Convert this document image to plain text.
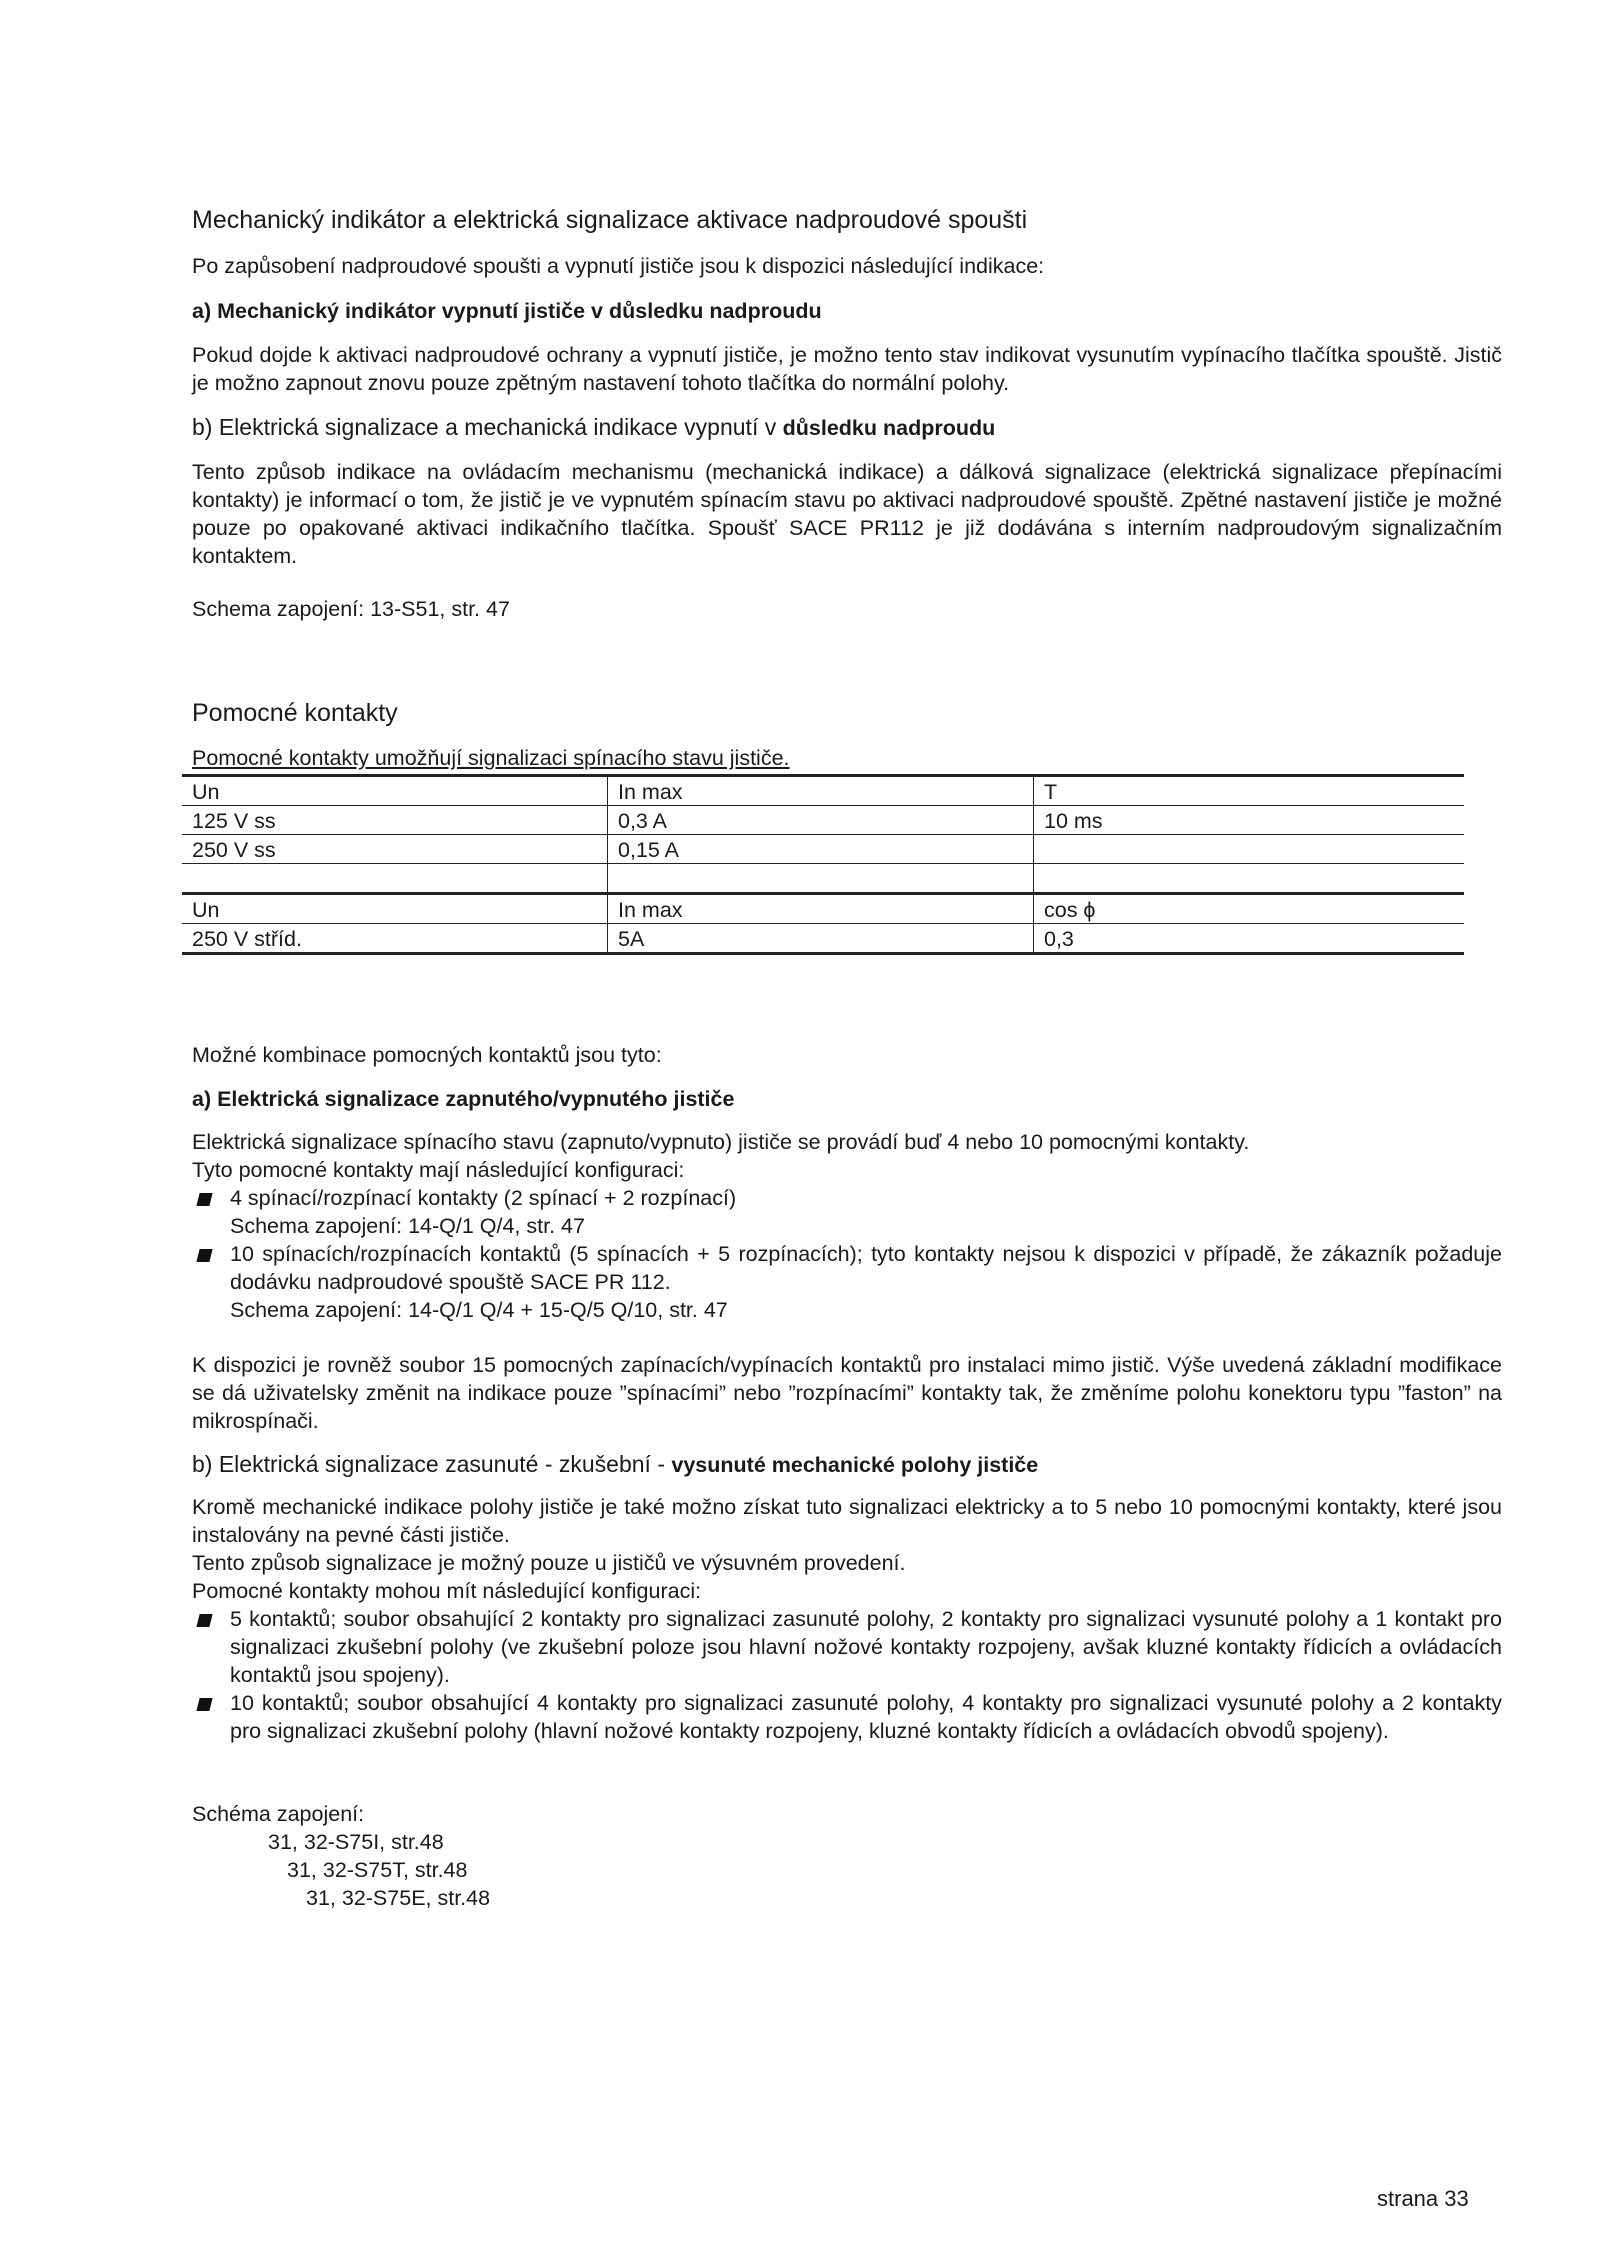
Mechanický indikátor a elektrická signalizace aktivace nadproudové spoušti

Po zapůsobení nadproudové spoušti a vypnutí jističe jsou k dispozici následující indikace:

a) Mechanický indikátor vypnutí jističe v důsledku nadproudu

Pokud dojde k aktivaci nadproudové ochrany a vypnutí jističe, je možno tento stav indikovat vysunutím vypínacího tlačítka spouště. Jistič je možno zapnout znovu pouze zpětným nastavení tohoto tlačítka do normální polohy.

b) Elektrická signalizace a mechanická indikace vypnutí v důsledku nadproudu

Tento způsob indikace na ovládacím mechanismu (mechanická indikace) a dálková signalizace (elektrická signalizace přepínacími kontakty) je informací o tom, že jistič je ve vypnutém spínacím stavu po aktivaci nadproudové spouště. Zpětné nastavení jističe je možné pouze po opakované aktivaci indikačního tlačítka. Spoušť SACE PR112 je již dodávána s interním nadproudovým signalizačním kontaktem.

Schema zapojení: 13-S51, str. 47

Pomocné kontakty

Pomocné kontakty umožňují signalizaci spínacího stavu jističe.

Un	In max	T
125 V ss	0,3 A	10 ms
250 V ss	0,15 A	

Un	In max	cos ϕ
250 V stříd.	5A	0,3

Možné kombinace pomocných kontaktů jsou tyto:

a) Elektrická signalizace zapnutého/vypnutého jističe

Elektrická signalizace spínacího stavu (zapnuto/vypnuto) jističe se provádí buď 4 nebo 10 pomocnými kontakty.

Tyto pomocné kontakty mají následující konfiguraci:

4 spínací/rozpínací kontakty (2 spínací + 2 rozpínací)

Schema zapojení: 14-Q/1 Q/4, str. 47

10 spínacích/rozpínacích kontaktů (5 spínacích + 5 rozpínacích); tyto kontakty nejsou k dispozici v případě, že zákazník požaduje dodávku nadproudové spouště SACE PR 112.

Schema zapojení: 14-Q/1 Q/4 + 15-Q/5 Q/10, str. 47

K dispozici je rovněž soubor 15 pomocných zapínacích/vypínacích kontaktů pro instalaci mimo jistič. Výše uvedená základní modifikace se dá uživatelsky změnit na indikace pouze ”spínacími” nebo ”rozpínacími” kontakty tak, že změníme polohu konektoru typu ”faston” na mikrospínači.

b) Elektrická signalizace zasunuté - zkušební - vysunuté mechanické polohy jističe

Kromě mechanické indikace polohy jističe je také možno získat tuto signalizaci elektricky a to 5 nebo 10 pomocnými kontakty, které jsou instalovány na pevné části jističe.

Tento způsob signalizace je možný pouze u jističů ve výsuvném provedení.

Pomocné kontakty mohou mít následující konfiguraci:

5 kontaktů; soubor obsahující 2 kontakty pro signalizaci zasunuté polohy, 2 kontakty pro signalizaci vysunuté polohy a 1 kontakt pro signalizaci zkušební polohy (ve zkušební poloze jsou hlavní nožové kontakty rozpojeny, avšak kluzné kontakty řídicích a ovládacích kontaktů jsou spojeny).

10 kontaktů; soubor obsahující 4 kontakty pro signalizaci zasunuté polohy, 4 kontakty pro signalizaci vysunuté polohy a 2 kontakty pro signalizaci zkušební polohy (hlavní nožové kontakty rozpojeny, kluzné kontakty řídicích a ovládacích obvodů spojeny).

Schéma zapojení:

31, 32-S75I, str.48

31, 32-S75T, str.48

31, 32-S75E, str.48

strana 33
